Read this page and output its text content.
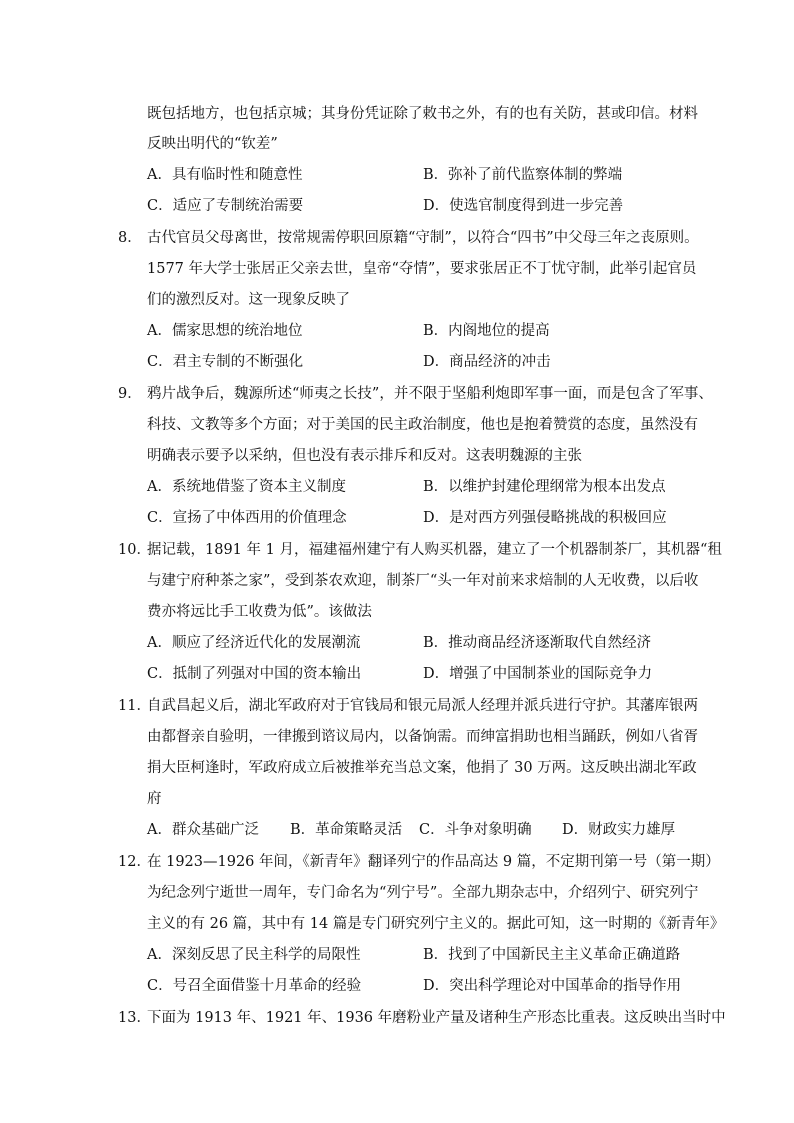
既包括地方，也包括京城；其身份凭证除了敕书之外，有的也有关防，甚或印信。材料
反映出明代的“钦差”
A．具有临时性和随意性	B．弥补了前代监察体制的弊端
C．适应了专制统治需要	D．使选官制度得到进一步完善
8． 古代官员父母离世，按常规需停职回原籍“守制”，以符合“四书”中父母三年之丧原则。
1577 年大学士张居正父亲去世，皇帝“夺情”，要求张居正不丁忧守制，此举引起官员
们的激烈反对。这一现象反映了
A．儒家思想的统治地位	B．内阁地位的提高
C．君主专制的不断强化	D．商品经济的冲击
9． 鸦片战争后，魏源所述“师夷之长技”，并不限于坚船利炮即军事一面，而是包含了军事、
科技、文教等多个方面；对于美国的民主政治制度，他也是抱着赞赏的态度，虽然没有
明确表示要予以采纳，但也没有表示排斥和反对。这表明魏源的主张
A．系统地借鉴了资本主义制度	B．以维护封建伦理纲常为根本出发点
C．宣扬了中体西用的价值理念	D．是对西方列强侵略挑战的积极回应
10．据记载，1891 年 1 月，福建福州建宁有人购买机器，建立了一个机器制茶厂，其机器“租
与建宁府种茶之家”，受到茶农欢迎，制茶厂“头一年对前来求焙制的人无收费，以后收
费亦将远比手工收费为低”。该做法
A．顺应了经济近代化的发展潮流	B．推动商品经济逐渐取代自然经济
C．抵制了列强对中国的资本输出	D．增强了中国制茶业的国际竞争力
11．自武昌起义后，湖北军政府对于官钱局和银元局派人经理并派兵进行守护。其藩库银两
由都督亲自验明，一律搬到谘议局内，以备饷需。而绅富捐助也相当踊跃，例如八省胥
捐大臣柯逢时，军政府成立后被推举充当总文案，他捐了 30 万两。这反映出湖北军政
府
A．群众基础广泛 B．革命策略灵活 C．斗争对象明确 D．财政实力雄厚
12．在 1923—1926 年间，《新青年》翻译列宁的作品高达 9 篇，不定期刊第一号（第一期）
为纪念列宁逝世一周年，专门命名为“列宁号”。全部九期杂志中，介绍列宁、研究列宁
主义的有 26 篇，其中有 14 篇是专门研究列宁主义的。据此可知，这一时期的《新青年》
A．深刻反思了民主科学的局限性	B．找到了中国新民主主义革命正确道路
C．号召全面借鉴十月革命的经验	D．突出科学理论对中国革命的指导作用
13．下面为 1913 年、1921 年、1936 年磨粉业产量及诸种生产形态比重表。这反映出当时中
